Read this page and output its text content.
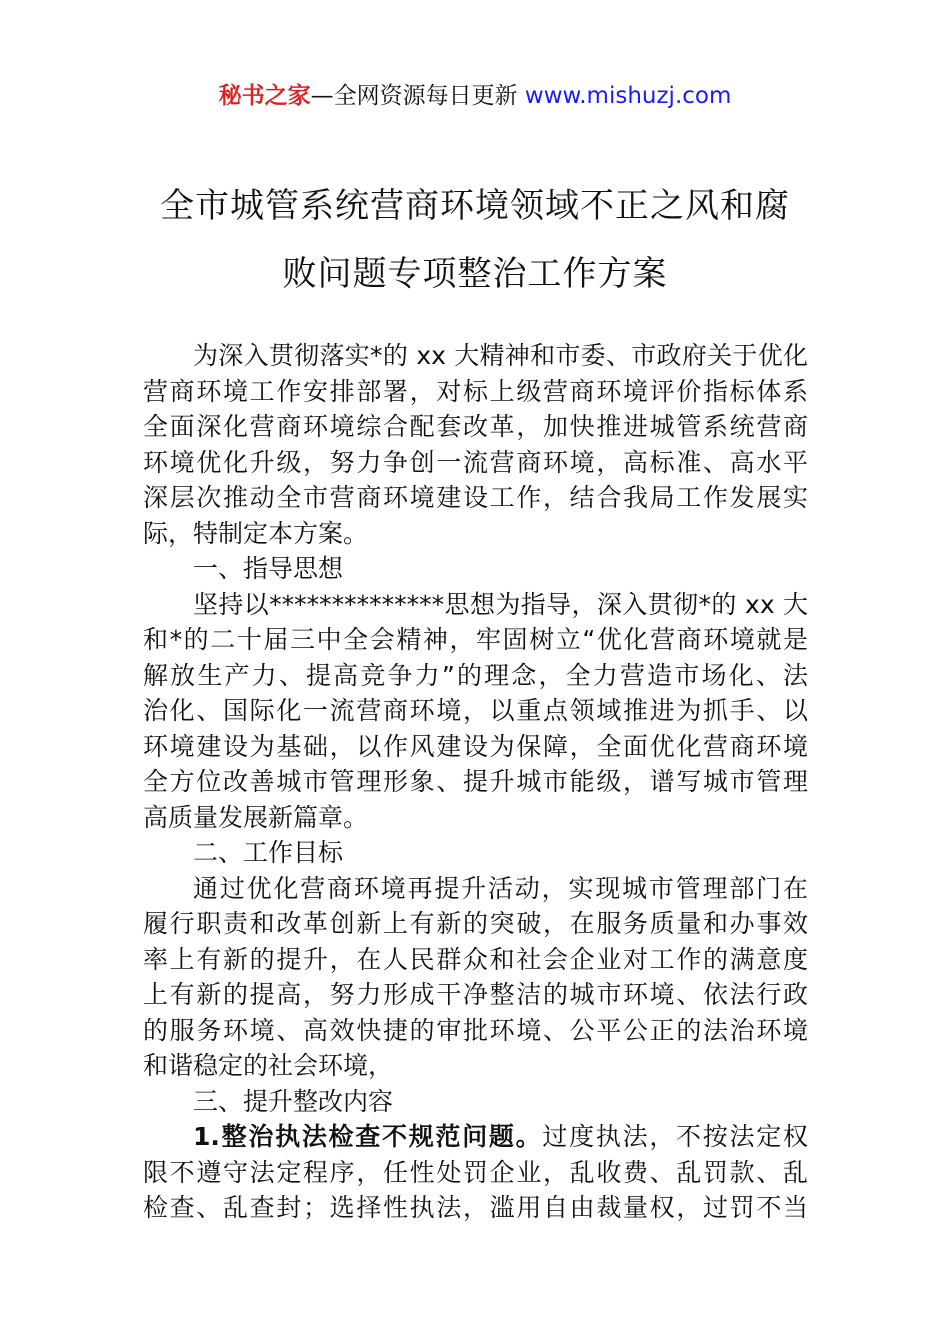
秘书之家—全网资源每日更新 www.mishuzj.com
全市城管系统营商环境领域不正之风和腐
败问题专项整治工作方案
为深入贯彻落实*的 xx 大精神和市委、市政府关于优化
营商环境工作安排部署，对标上级营商环境评价指标体系
全面深化营商环境综合配套改革，加快推进城管系统营商
环境优化升级，努力争创一流营商环境，高标准、高水平
深层次推动全市营商环境建设工作，结合我局工作发展实
际，特制定本方案。
一、指导思想
坚持以**************思想为指导，深入贯彻*的 xx 大
和*的二十届三中全会精神，牢固树立“优化营商环境就是
解放生产力、提高竞争力”的理念，全力营造市场化、法
治化、国际化一流营商环境，以重点领域推进为抓手、以
环境建设为基础，以作风建设为保障，全面优化营商环境
全方位改善城市管理形象、提升城市能级，谱写城市管理
高质量发展新篇章。
二、工作目标
通过优化营商环境再提升活动，实现城市管理部门在
履行职责和改革创新上有新的突破，在服务质量和办事效
率上有新的提升，在人民群众和社会企业对工作的满意度
上有新的提高，努力形成干净整洁的城市环境、依法行政
的服务环境、高效快捷的审批环境、公平公正的法治环境
和谐稳定的社会环境，
三、提升整改内容
1.整治执法检查不规范问题。过度执法，不按法定权
限不遵守法定程序，任性处罚企业，乱收费、乱罚款、乱
检查、乱查封；选择性执法，滥用自由裁量权，过罚不当
